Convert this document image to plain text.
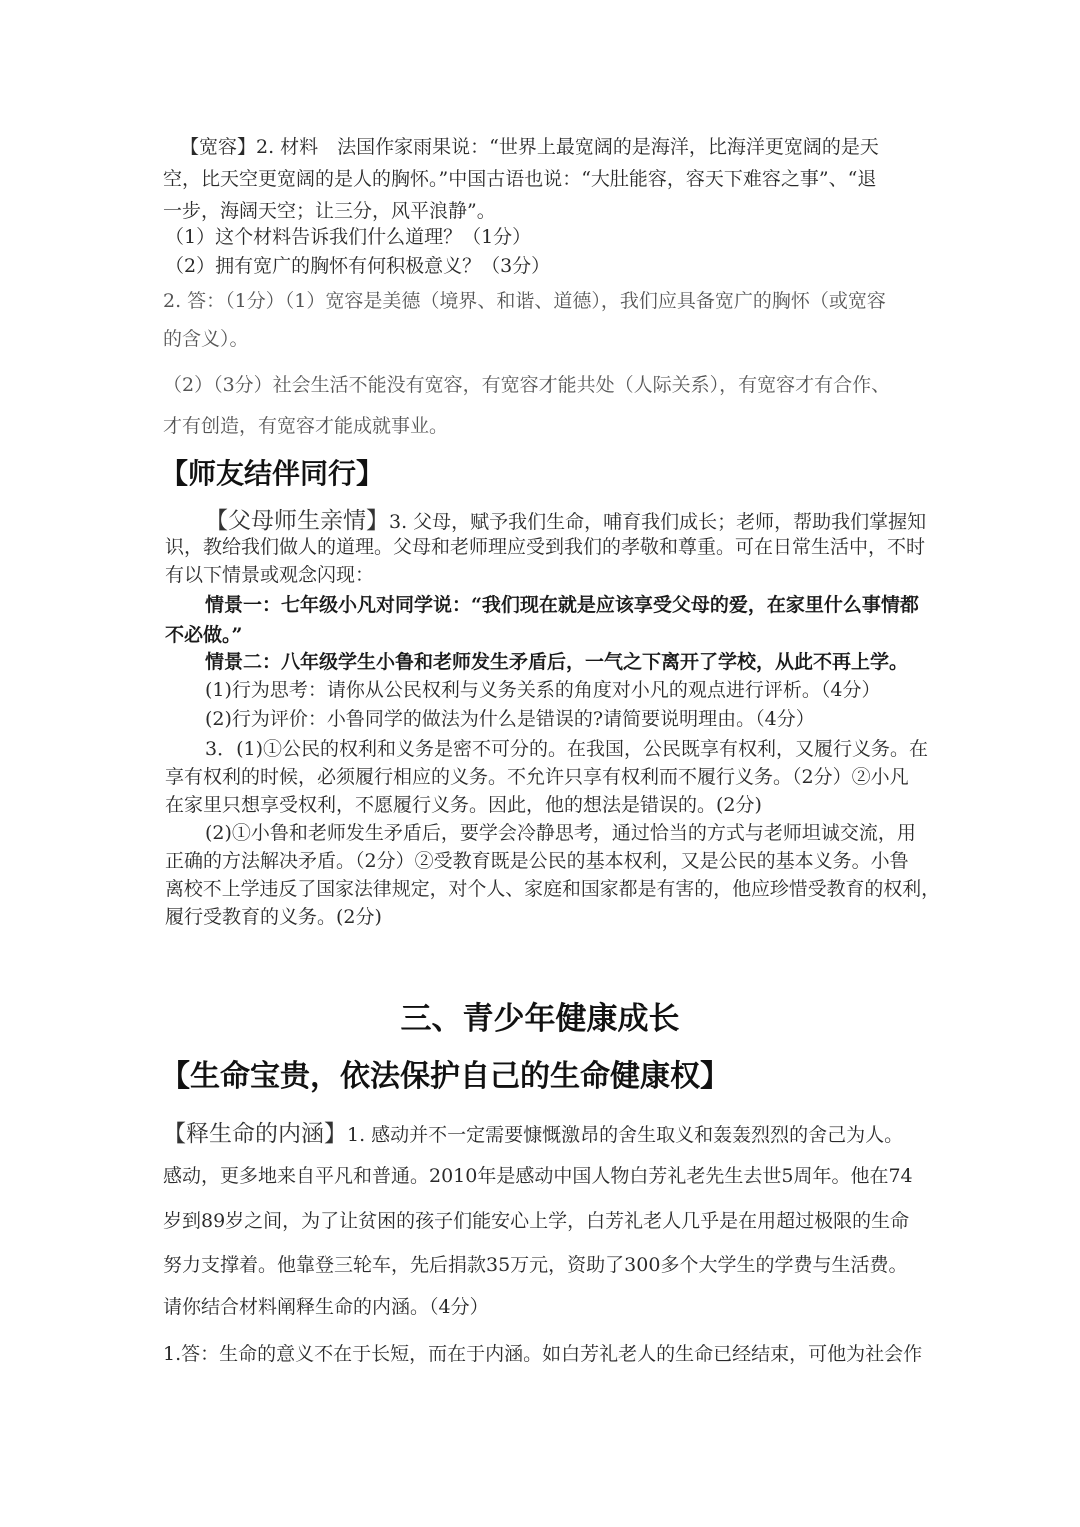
【宽容】2. 材料　法国作家雨果说：“世界上最宽阔的是海洋，比海洋更宽阔的是天
空，比天空更宽阔的是人的胸怀。”中国古语也说：“大肚能容，容天下难容之事”、“退
一步，海阔天空；让三分，风平浪静”。
（1）这个材料告诉我们什么道理？（1分）
（2）拥有宽广的胸怀有何积极意义？（3分）
2. 答：（1分）（1）宽容是美德（境界、和谐、道德），我们应具备宽广的胸怀（或宽容
的含义）。
（2）（3分）社会生活不能没有宽容，有宽容才能共处（人际关系），有宽容才有合作、
才有创造，有宽容才能成就事业。
【师友结伴同行】
【父母师生亲情】3. 父母，赋予我们生命，哺育我们成长；老师，帮助我们掌握知
识，教给我们做人的道理。父母和老师理应受到我们的孝敬和尊重。可在日常生活中，不时
有以下情景或观念闪现：
情景一：七年级小凡对同学说：“我们现在就是应该享受父母的爱，在家里什么事情都
不必做。”
情景二：八年级学生小鲁和老师发生矛盾后，一气之下离开了学校，从此不再上学。
(1)行为思考：请你从公民权利与义务关系的角度对小凡的观点进行评析。（4分）
(2)行为评价：小鲁同学的做法为什么是错误的?请简要说明理由。（4分）
3．(1)①公民的权利和义务是密不可分的。在我国，公民既享有权利，又履行义务。在
享有权利的时候，必须履行相应的义务。不允许只享有权利而不履行义务。（2分）②小凡
在家里只想享受权利，不愿履行义务。因此，他的想法是错误的。(2分)
(2)①小鲁和老师发生矛盾后，要学会冷静思考，通过恰当的方式与老师坦诚交流，用
正确的方法解决矛盾。（2分）②受教育既是公民的基本权利，又是公民的基本义务。小鲁
离校不上学违反了国家法律规定，对个人、家庭和国家都是有害的，他应珍惜受教育的权利，
履行受教育的义务。(2分)
三、青少年健康成长
【生命宝贵，依法保护自己的生命健康权】
【释生命的内涵】1. 感动并不一定需要慷慨激昂的舍生取义和轰轰烈烈的舍己为人。
感动，更多地来自平凡和普通。2010年是感动中国人物白芳礼老先生去世5周年。他在74
岁到89岁之间，为了让贫困的孩子们能安心上学，白芳礼老人几乎是在用超过极限的生命
努力支撑着。他靠登三轮车，先后捐款35万元，资助了300多个大学生的学费与生活费。
请你结合材料阐释生命的内涵。（4分）
1.答：生命的意义不在于长短，而在于内涵。如白芳礼老人的生命已经结束，可他为社会作
